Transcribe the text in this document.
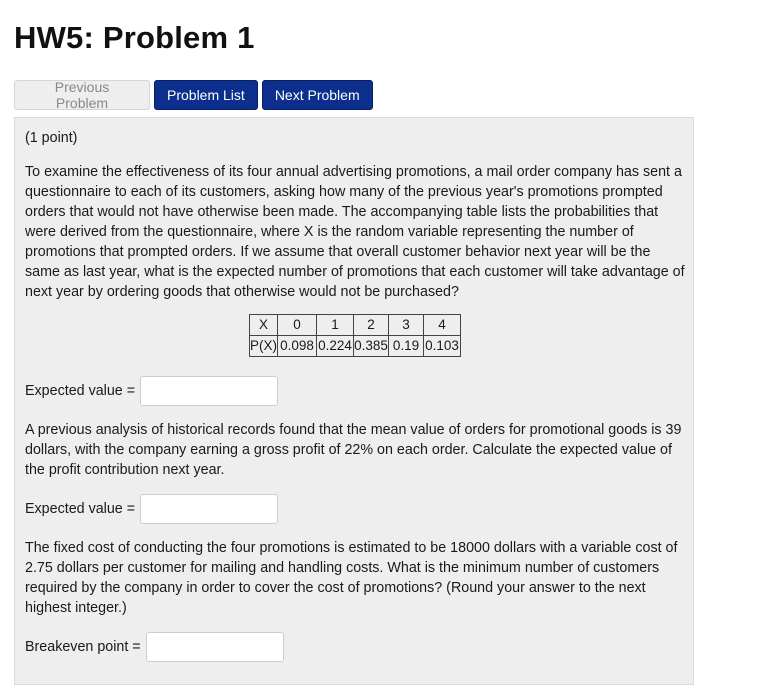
HW5: Problem 1
Previous Problem	Problem List	Next Problem
(1 point)

To examine the effectiveness of its four annual advertising promotions, a mail order company has sent a questionnaire to each of its customers, asking how many of the previous year's promotions prompted orders that would not have otherwise been made. The accompanying table lists the probabilities that were derived from the questionnaire, where X is the random variable representing the number of promotions that prompted orders. If we assume that overall customer behavior next year will be the same as last year, what is the expected number of promotions that each customer will take advantage of next year by ordering goods that otherwise would not be purchased?

X	0	1	2	3	4
P(X)	0.098	0.224	0.385	0.19	0.103
Expected value =

A previous analysis of historical records found that the mean value of orders for promotional goods is 39 dollars, with the company earning a gross profit of 22% on each order. Calculate the expected value of the profit contribution next year.

Expected value =

The fixed cost of conducting the four promotions is estimated to be 18000 dollars with a variable cost of 2.75 dollars per customer for mailing and handling costs. What is the minimum number of customers required by the company in order to cover the cost of promotions? (Round your answer to the next highest integer.)

Breakeven point =
